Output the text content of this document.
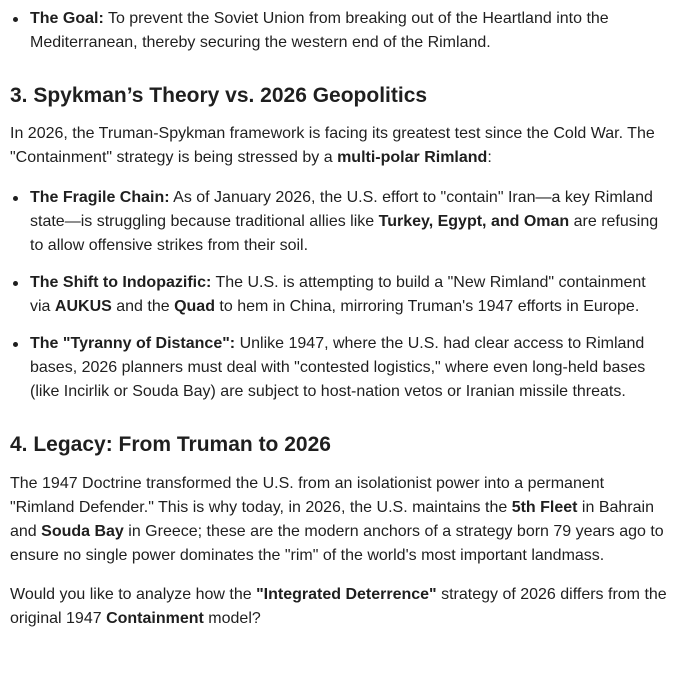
The Goal: To prevent the Soviet Union from breaking out of the Heartland into the Mediterranean, thereby securing the western end of the Rimland.
3. Spykman’s Theory vs. 2026 Geopolitics

In 2026, the Truman-Spykman framework is facing its greatest test since the Cold War. The "Containment" strategy is being stressed by a multi-polar Rimland:

The Fragile Chain: As of January 2026, the U.S. effort to "contain" Iran—a key Rimland state—is struggling because traditional allies like Turkey, Egypt, and Oman are refusing to allow offensive strikes from their soil.
The Shift to Indopazific: The U.S. is attempting to build a "New Rimland" containment via AUKUS and the Quad to hem in China, mirroring Truman's 1947 efforts in Europe.
The "Tyranny of Distance": Unlike 1947, where the U.S. had clear access to Rimland bases, 2026 planners must deal with "contested logistics," where even long-held bases (like Incirlik or Souda Bay) are subject to host-nation vetos or Iranian missile threats.
4. Legacy: From Truman to 2026

The 1947 Doctrine transformed the U.S. from an isolationist power into a permanent "Rimland Defender." This is why today, in 2026, the U.S. maintains the 5th Fleet in Bahrain and Souda Bay in Greece; these are the modern anchors of a strategy born 79 years ago to ensure no single power dominates the "rim" of the world's most important landmass.

Would you like to analyze how the "Integrated Deterrence" strategy of 2026 differs from the original 1947 Containment model?
